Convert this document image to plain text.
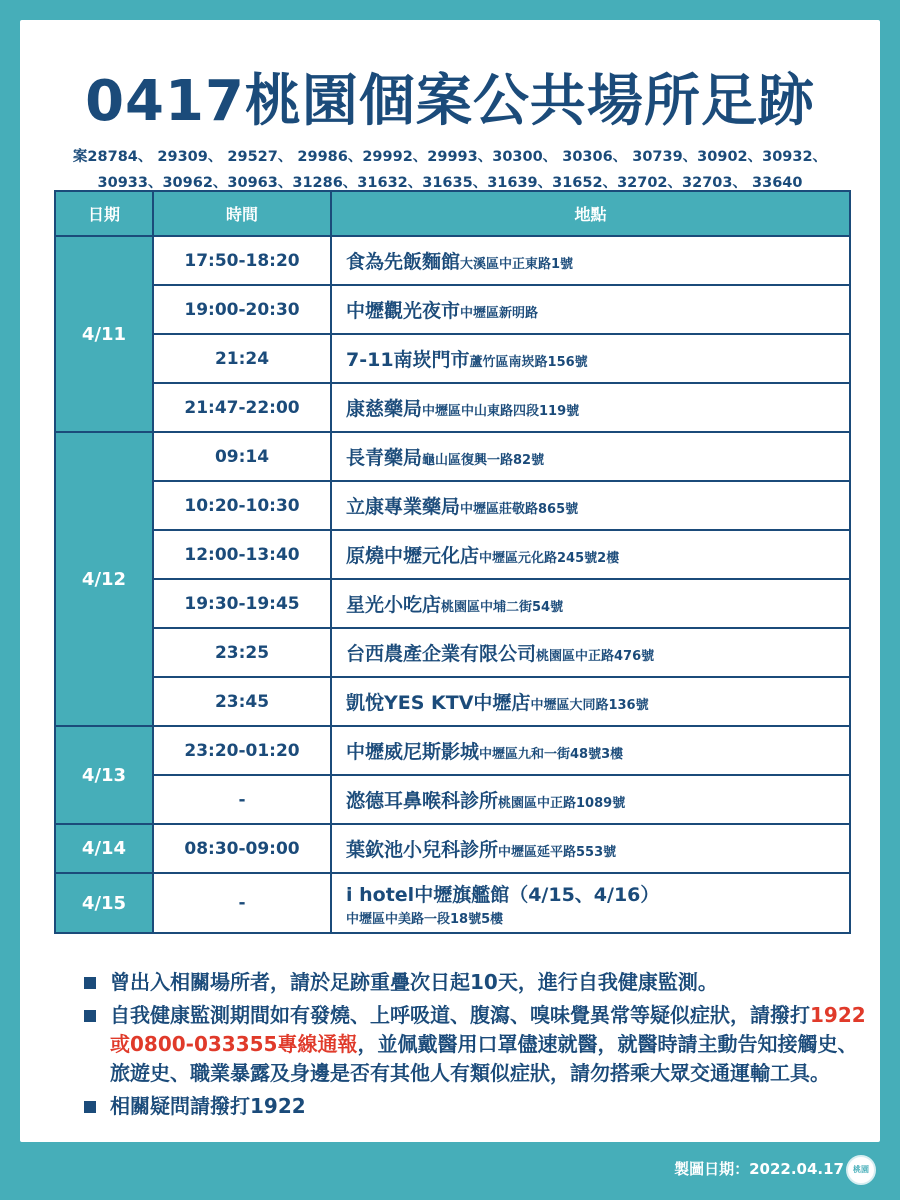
0417桃園個案公共場所足跡
案28784、 29309、 29527、 29986、29992、29993、30300、 30306、 30739、30902、30932、
30933、30962、30963、31286、31632、31635、31639、31652、32702、32703、 33640
日期	時間	地點
4/11	17:50-18:20	食為先飯麵館大溪區中正東路1號
	19:00-20:30	中壢觀光夜市中壢區新明路
	21:24	7-11南崁門市蘆竹區南崁路156號
	21:47-22:00	康慈藥局中壢區中山東路四段119號
4/12	09:14	長青藥局龜山區復興一路82號
	10:20-10:30	立康專業藥局中壢區莊敬路865號
	12:00-13:40	原燒中壢元化店中壢區元化路245號2樓
	19:30-19:45	星光小吃店桃園區中埔二街54號
	23:25	台西農產企業有限公司桃園區中正路476號
	23:45	凱悅YES KTV中壢店中壢區大同路136號
4/13	23:20-01:20	中壢威尼斯影城中壢區九和一街48號3樓
	-	滺德耳鼻喉科診所桃園區中正路1089號
4/14	08:30-09:00	葉欽池小兒科診所中壢區延平路553號
4/15	-	i hotel中壢旗艦館（4/15、4/16）
中壢區中美路一段18號5樓
曾出入相關場所者，請於足跡重疊次日起10天，進行自我健康監測。
自我健康監測期間如有發燒、上呼吸道、腹瀉、嗅味覺異常等疑似症狀，請撥打1922或0800-033355專線通報，並佩戴醫用口罩儘速就醫，就醫時請主動告知接觸史、旅遊史、職業暴露及身邊是否有其他人有類似症狀，請勿搭乘大眾交通運輸工具。
相關疑問請撥打1922
製圖日期：2022.04.17	桃園
